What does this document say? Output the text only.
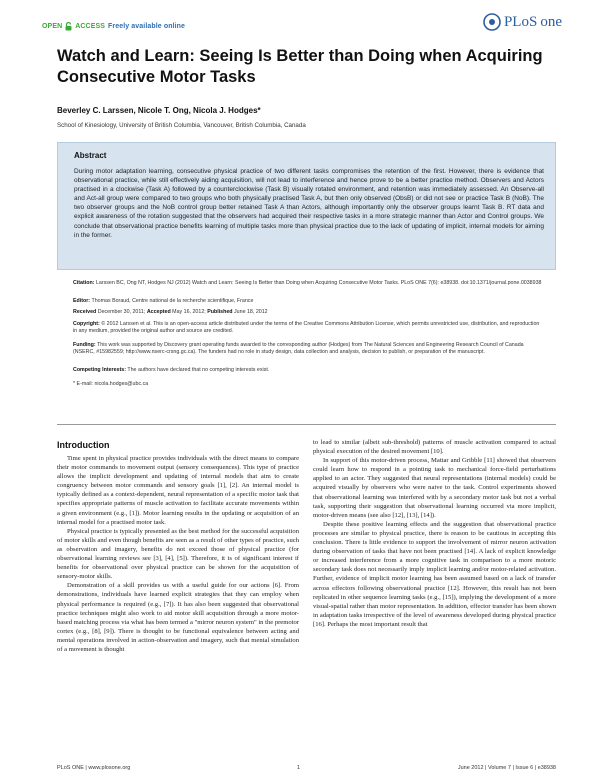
OPEN ACCESS Freely available online	PLoS one
Watch and Learn: Seeing Is Better than Doing when Acquiring Consecutive Motor Tasks
Beverley C. Larssen, Nicole T. Ong, Nicola J. Hodges*
School of Kinesiology, University of British Columbia, Vancouver, British Columbia, Canada
Abstract
During motor adaptation learning, consecutive physical practice of two different tasks compromises the retention of the first. However, there is evidence that observational practice, while still effectively aiding acquisition, will not lead to interference and hence prove to be a better practice method. Observers and Actors practised in a clockwise (Task A) followed by a counterclockwise (Task B) visually rotated environment, and retention was immediately assessed. An Observe-all and Act-all group were compared to two groups who both physically practised Task A, but then only observed (ObsB) or did not see or practice Task B (NoB). The two observer groups and the NoB control group better retained Task A than Actors, although importantly only the observer groups learnt Task B. RT data and explicit awareness of the rotation suggested that the observers had acquired their respective tasks in a more strategic manner than Actor and Control groups. We conclude that observational practice benefits learning of multiple tasks more than physical practice due to the lack of updating of implicit, internal models for aiming in the former.
Citation: Larssen BC, Ong NT, Hodges NJ (2012) Watch and Learn: Seeing Is Better than Doing when Acquiring Consecutive Motor Tasks. PLoS ONE 7(6): e38938. doi:10.1371/journal.pone.0038938
Editor: Thomas Boraud, Centre national de la recherche scientifique, France
Received December 30, 2011; Accepted May 16, 2012; Published June 18, 2012
Copyright: © 2012 Larssen et al. This is an open-access article distributed under the terms of the Creative Commons Attribution License, which permits unrestricted use, distribution, and reproduction in any medium, provided the original author and source are credited.
Funding: This work was supported by Discovery grant operating funds awarded to the corresponding author (Hodges) from The Natural Sciences and Engineering Research Council of Canada (NSERC, #15982559; http://www.nserc-crsng.gc.ca). The funders had no role in study design, data collection and analysis, decision to publish, or preparation of the manuscript.
Competing Interests: The authors have declared that no competing interests exist.
* E-mail: nicola.hodges@ubc.ca
Introduction

Time spent in physical practice provides individuals with the direct means to compare their motor commands to movement output (sensory consequences). This type of practice allows the implicit development and updating of internal models that aim to create congruency between motor commands and sensory goals [1], [2]. An internal model is typically defined as a context-dependent, neural representation of a specific motor task that specifies appropriate patterns of muscle activation to facilitate accurate movements within a given environment (e.g., [1]). Motor learning results in the updating or acquisition of an internal model for a practised motor task.

Physical practice is typically presented as the best method for the successful acquisition of motor skills and even though benefits are seen as a result of other types of practice, such as observation and imagery, benefits do not exceed those of physical practice (for observational learning reviews see [3], [4], [5]). Therefore, it is of significant interest if benefits for observational over physical practice can be shown for the acquisition of sensory-motor skills.

Demonstration of a skill provides us with a useful guide for our actions [6]. From demonstrations, individuals have learned explicit strategies that they can employ when physical performance is required (e.g., [7]). It has also been suggested that observational practice techniques might also work to aid motor skill acquisition through a more motor-based matching process via what has been termed a "mirror neuron system" in the premotor cortex (e.g., [8], [9]). There is thought to be functional equivalence between acting and mental operations involved in action-observation and imagery, such that mental simulation of a movement is thought

to lead to similar (albeit sub-threshold) patterns of muscle activation compared to actual physical execution of the desired movement [10].

In support of this motor-driven process, Mattar and Gribble [11] showed that observers could learn how to respond in a pointing task to mechanical force-field perturbations applied to an actor. They suggested that neural representations (internal models) could be acquired visually by observers who were naive to the task. Control experiments showed that observational learning was interfered with by a secondary motor task but not a verbal task, supporting their suggestion that observational learning occurred via more implicit, motor-driven means (see also [12], [13], [14]).

Despite these positive learning effects and the suggestion that observational practice processes are similar to physical practice, there is reason to be cautious in accepting this conclusion. There is little evidence to support the involvement of mirror neuron activation during observation of tasks that have not been practised [14]. A lack of explicit knowledge or increased interference from a more cognitive task in comparison to a more motoric secondary task does not necessarily imply implicit learning and/or motor-related activation. Further, evidence of implicit motor learning has been assumed based on a lack of transfer across effectors following observational practice [12]. However, this result has not been replicated in other sequence learning tasks (e.g., [15]), implying the development of a more visual-spatial rather than motor representation. In addition, effector transfer has been shown in adaptation tasks irrespective of the level of awareness developed during physical practice [16]. Perhaps the most important result that

PLoS ONE | www.plosone.org	1	June 2012 | Volume 7 | Issue 6 | e38938
